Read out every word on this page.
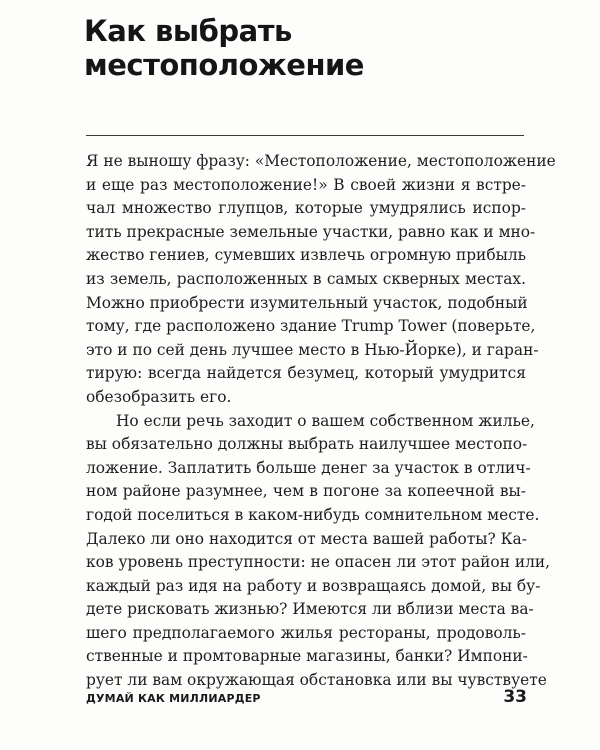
Как выбрать
местоположение
Я не выношу фразу: «Местоположение, местоположение
и еще раз местоположение!» В своей жизни я встре-
чал множество глупцов, которые умудрялись испор-
тить прекрасные земельные участки, равно как и мно-
жество гениев, сумевших извлечь огромную прибыль
из земель, расположенных в самых скверных местах.
Можно приобрести изумительный участок, подобный
тому, где расположено здание Trump Tower (поверьте,
это и по сей день лучшее место в Нью-Йорке), и гаран-
тирую: всегда найдется безумец, который умудрится
обезобразить его.
Но если речь заходит о вашем собственном жилье,
вы обязательно должны выбрать наилучшее местопо-
ложение. Заплатить больше денег за участок в отлич-
ном районе разумнее, чем в погоне за копеечной вы-
годой поселиться в каком-нибудь сомнительном месте.
Далеко ли оно находится от места вашей работы? Ка-
ков уровень преступности: не опасен ли этот район или,
каждый раз идя на работу и возвращаясь домой, вы бу-
дете рисковать жизнью? Имеются ли вблизи места ва-
шего предполагаемого жилья рестораны, продоволь-
ственные и промтоварные магазины, банки? Импони-
рует ли вам окружающая обстановка или вы чувствуете
ДУМАЙ КАК МИЛЛИАРДЕР	33
